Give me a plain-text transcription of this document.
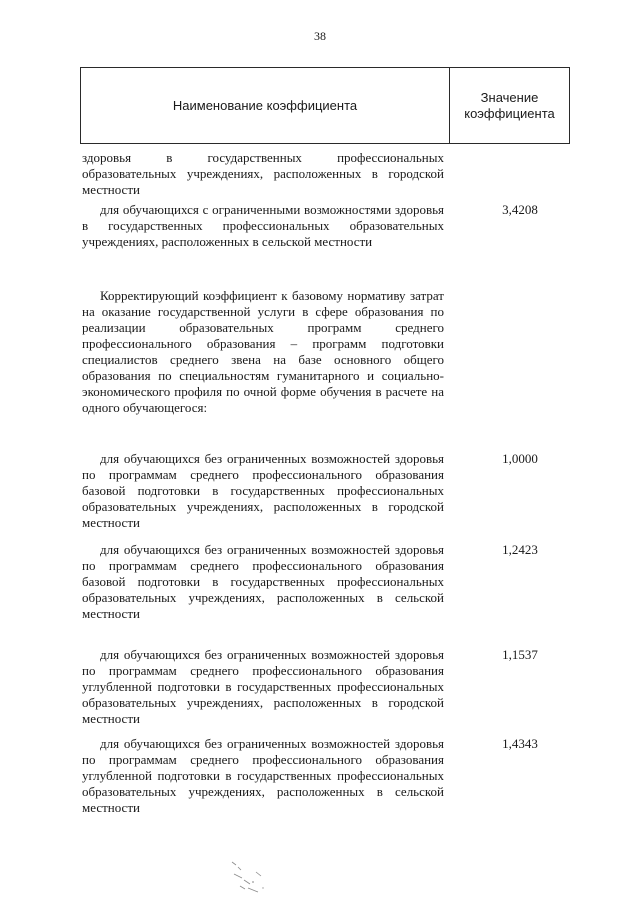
38
Наименование коэффициента
Значение
коэффициента
здоровья в государственных профессиональных образовательных учреждениях, расположенных в городской местности
для обучающихся с ограниченными возможностями здоровья в государственных профессиональных образовательных учреждениях, расположенных в сельской местности
3,4208
Корректирующий коэффициент к базовому нормативу затрат на оказание государственной услуги в сфере образования по реализации образовательных программ среднего профессионального образования – программ подготовки специалистов среднего звена на базе основного общего образования по специальностям гуманитарного и социально-экономического профиля по очной форме обучения в расчете на одного обучающегося:
для обучающихся без ограниченных возможностей здоровья по программам среднего профессионального образования базовой подготовки в государственных профессиональных образовательных учреждениях, расположенных в городской местности
1,0000
для обучающихся без ограниченных возможностей здоровья по программам среднего профессионального образования базовой подготовки в государственных профессиональных образовательных учреждениях, расположенных в сельской местности
1,2423
для обучающихся без ограниченных возможностей здоровья по программам среднего профессионального образования углубленной подготовки в государственных профессиональных образовательных учреждениях, расположенных в городской местности
1,1537
для обучающихся без ограниченных возможностей здоровья по программам среднего профессионального образования углубленной подготовки в государственных профессиональных образовательных учреждениях, расположенных в сельской местности
1,4343
